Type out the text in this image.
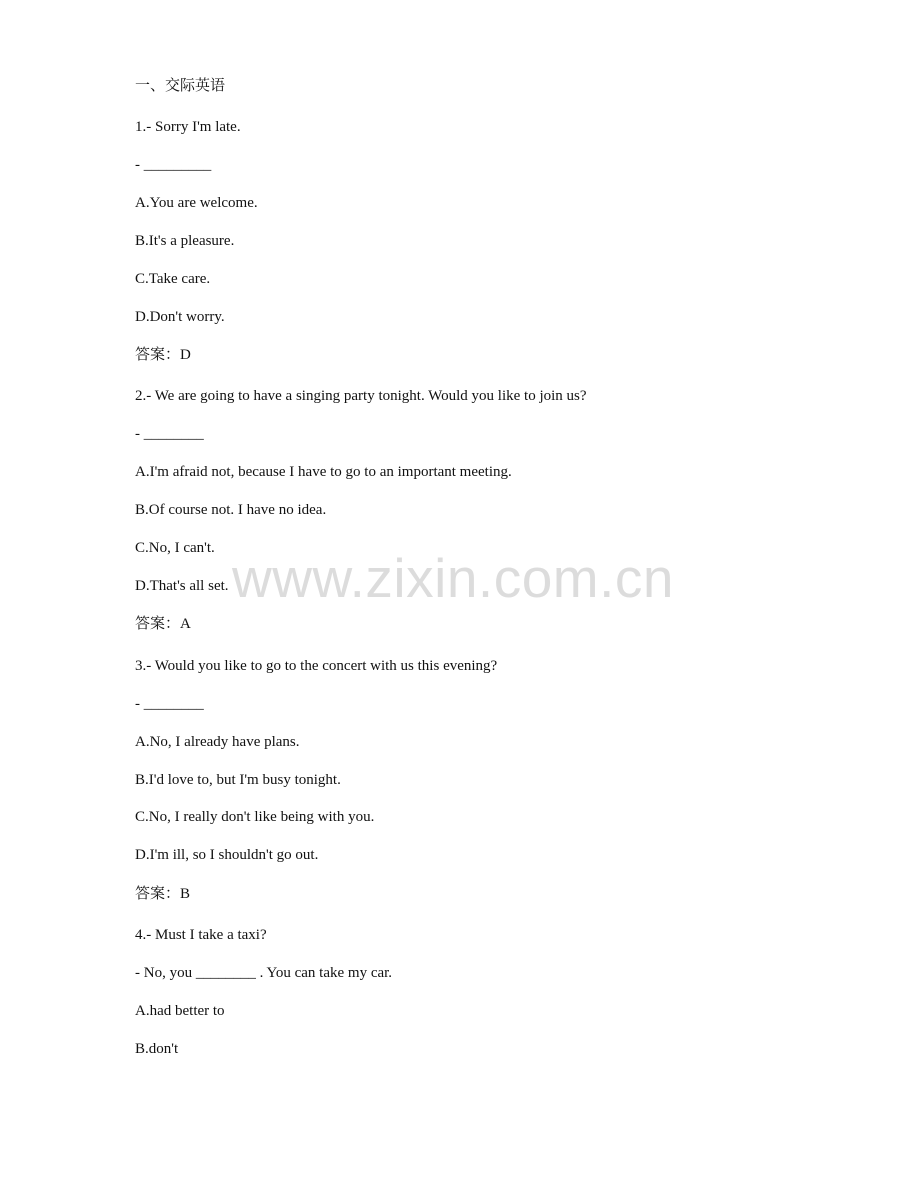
一、交际英语
1.- Sorry I'm late.
- _________
A.You are welcome.
B.It's a pleasure.
C.Take care.
D.Don't worry.
答案：D
2.- We are going to have a singing party tonight. Would you like to join us?
- ________
A.I'm afraid not, because I have to go to an important meeting.
B.Of course not. I have no idea.
C.No, I can't.
D.That's all set.
答案：A
3.- Would you like to go to the concert with us this evening?
- ________
A.No, I already have plans.
B.I'd love to, but I'm busy tonight.
C.No, I really don't like being with you.
D.I'm ill, so I shouldn't go out.
答案：B
4.- Must I take a taxi?
- No, you ________ . You can take my car.
A.had better to
B.don't
www.zixin.com.cn
